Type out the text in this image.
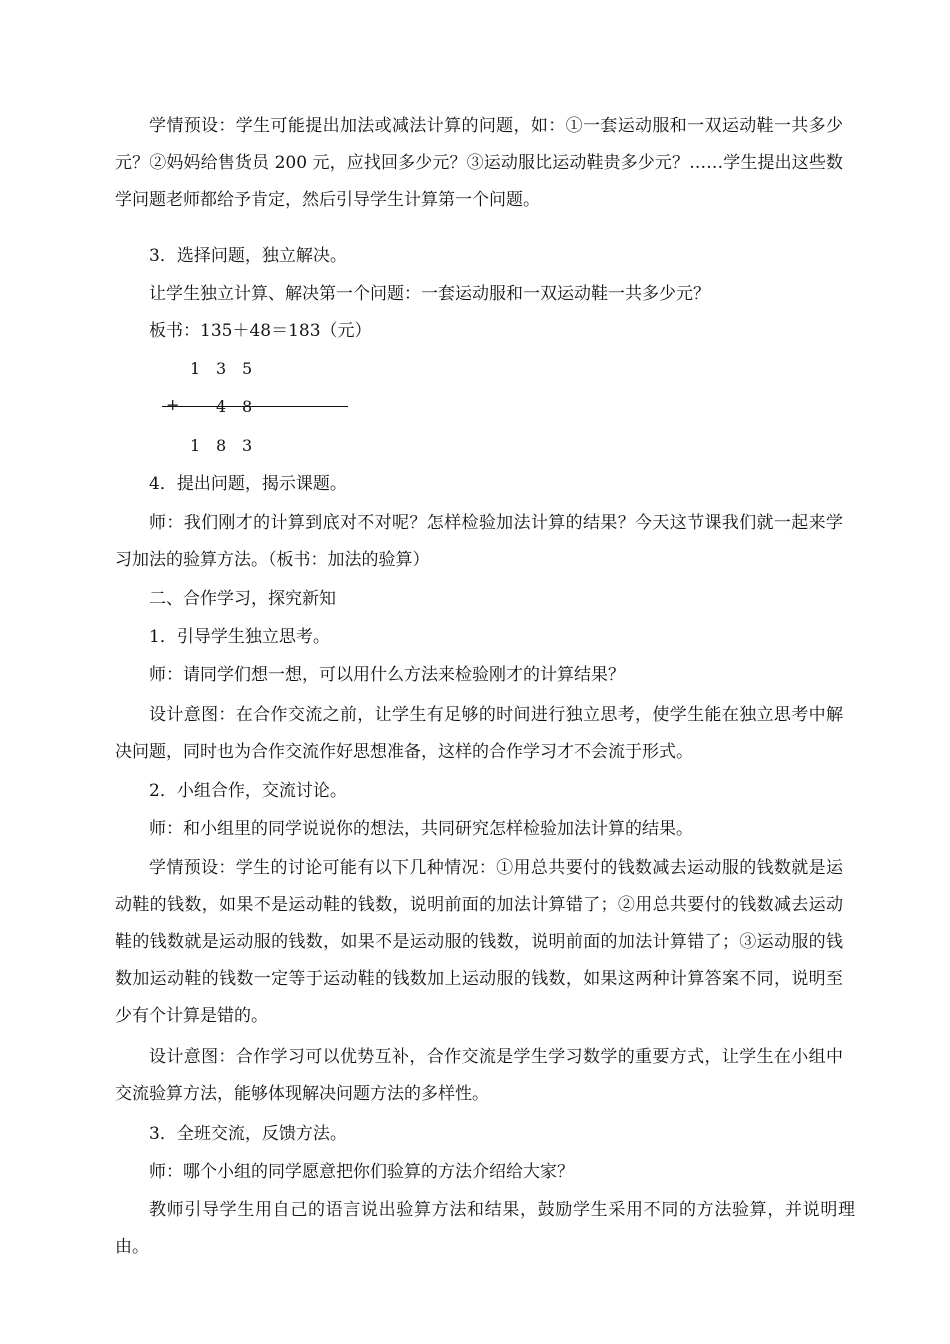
学情预设：学生可能提出加法或减法计算的问题，如：①一套运动服和一双运动鞋一共多少元？②妈妈给售货员 200 元，应找回多少元？③运动服比运动鞋贵多少元？……学生提出这些数学问题老师都给予肯定，然后引导学生计算第一个问题。
3．选择问题，独立解决。
让学生独立计算、解决第一个问题：一套运动服和一双运动鞋一共多少元？
板书：135＋48＝183（元）
1 3 5
+ 4 8
1 8 3
4．提出问题，揭示课题。
师：我们刚才的计算到底对不对呢？怎样检验加法计算的结果？今天这节课我们就一起来学习加法的验算方法。（板书：加法的验算）
二、合作学习，探究新知
1．引导学生独立思考。
师：请同学们想一想，可以用什么方法来检验刚才的计算结果？
设计意图：在合作交流之前，让学生有足够的时间进行独立思考，使学生能在独立思考中解决问题，同时也为合作交流作好思想准备，这样的合作学习才不会流于形式。
2．小组合作，交流讨论。
师：和小组里的同学说说你的想法，共同研究怎样检验加法计算的结果。
学情预设：学生的讨论可能有以下几种情况：①用总共要付的钱数减去运动服的钱数就是运动鞋的钱数，如果不是运动鞋的钱数，说明前面的加法计算错了；②用总共要付的钱数减去运动鞋的钱数就是运动服的钱数，如果不是运动服的钱数，说明前面的加法计算错了；③运动服的钱数加运动鞋的钱数一定等于运动鞋的钱数加上运动服的钱数，如果这两种计算答案不同，说明至少有个计算是错的。
设计意图：合作学习可以优势互补，合作交流是学生学习数学的重要方式，让学生在小组中交流验算方法，能够体现解决问题方法的多样性。
3．全班交流，反馈方法。
师：哪个小组的同学愿意把你们验算的方法介绍给大家？
教师引导学生用自己的语言说出验算方法和结果，鼓励学生采用不同的方法验算，并说明理由。
